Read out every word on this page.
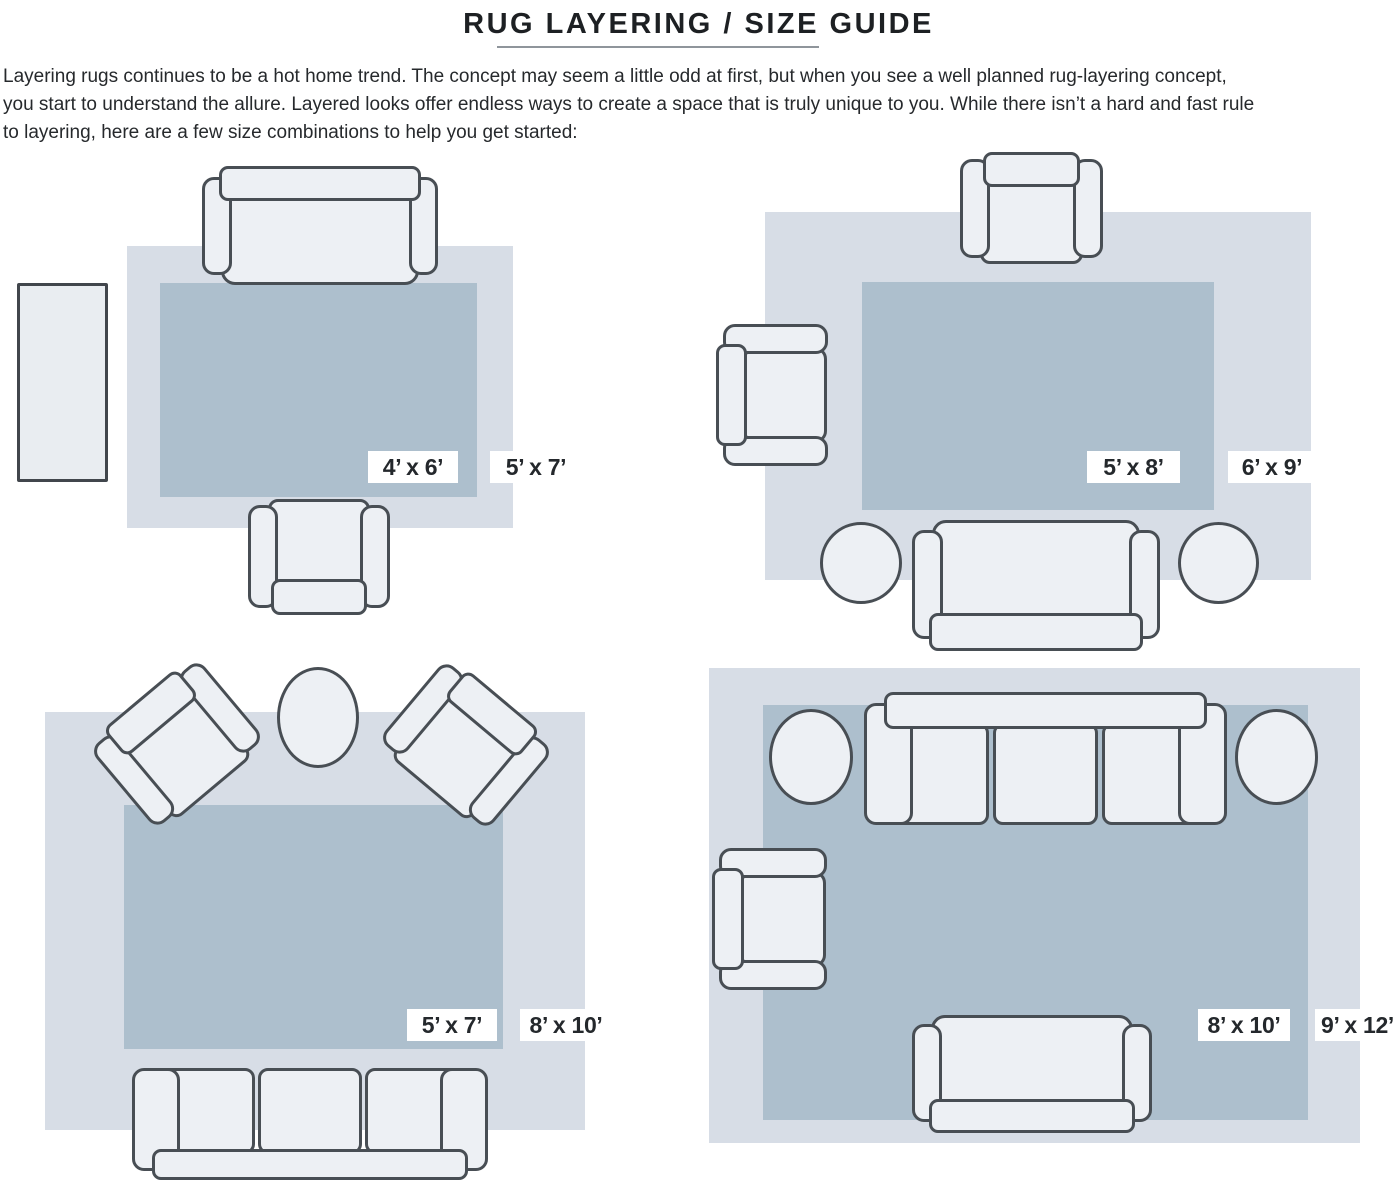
RUG LAYERING / SIZE GUIDE
Layering rugs continues to be a hot home trend. The concept may seem a little odd at first, but when you see a well planned rug-layering concept,
you start to understand the allure. Layered looks offer endless ways to create a space that is truly unique to you. While there isn’t a hard and fast rule
to layering, here are a few size combinations to help you get started:
4’ x 6’	5’ x 7’	5’ x 8’	6’ x 9’
5’ x 7’	8’ x 10’	8’ x 10’	9’ x 12’
